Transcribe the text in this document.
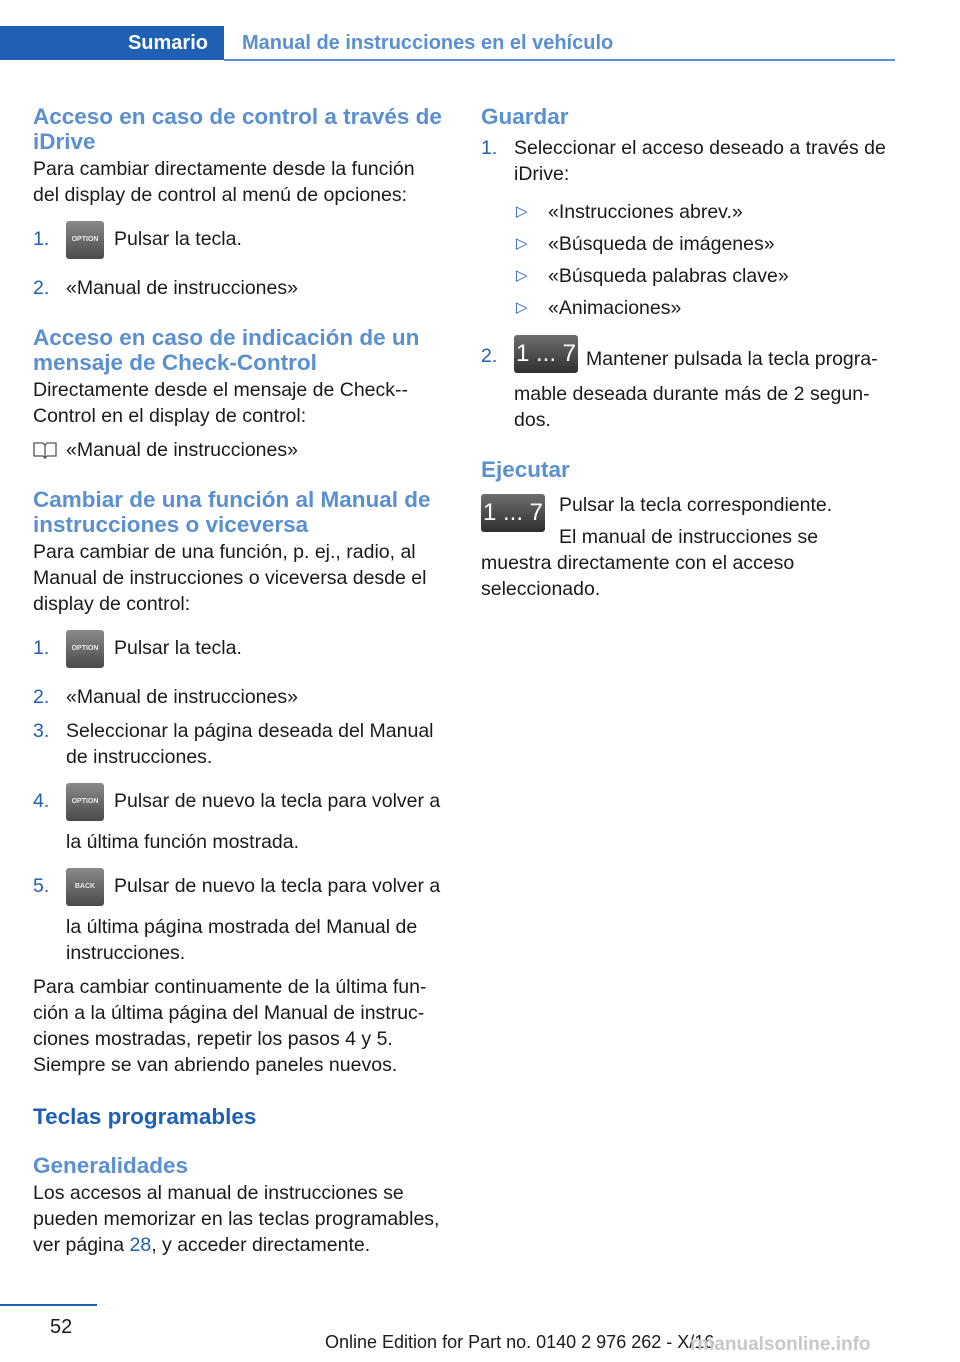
Sumario Manual de instrucciones en el vehículo
Acceso en caso de control a través de iDrive

Para cambiar directamente desde la función del display de control al menú de opciones:

1.	OPTION Pulsar la tecla.
2. «Manual de instrucciones»
Acceso en caso de indicación de un mensaje de Check-Control

Directamente desde el mensaje de Check--Control en el display de control:

«Manual de instrucciones»
Cambiar de una función al Manual de instrucciones o viceversa

Para cambiar de una función, p. ej., radio, al Manual de instrucciones o viceversa desde el display de control:

1.	OPTION Pulsar la tecla.
2. «Manual de instrucciones»
3. Seleccionar la página deseada del Manual de instrucciones.
4.	OPTION Pulsar de nuevo la tecla para volver a la última función mostrada.
5.	BACK Pulsar de nuevo la tecla para volver a la última página mostrada del Manual de instrucciones.

Para cambiar continuamente de la última fun‐ción a la última página del Manual de instruc‐ciones mostradas, repetir los pasos 4 y 5. Siempre se van abriendo paneles nuevos.

Teclas programables
Generalidades

Los accesos al manual de instrucciones se pueden memorizar en las teclas programables, ver página 28, y acceder directamente.

Guardar
1. Seleccionar el acceso deseado a través de iDrive:
▷ «Instrucciones abrev.»
▷ «Búsqueda de imágenes»
▷ «Búsqueda palabras clave»
▷ «Animaciones»
2. 1 ... 7 Mantener pulsada la tecla progra‐mable deseada durante más de 2 segun‐dos.
Ejecutar
1 ... 7 Pulsar la tecla correspondiente.

El manual de instrucciones se muestra directamente con el acceso seleccionado.

52
Online Edition for Part no. 0140 2 976 262 - X/16
rmanualsonline.info
